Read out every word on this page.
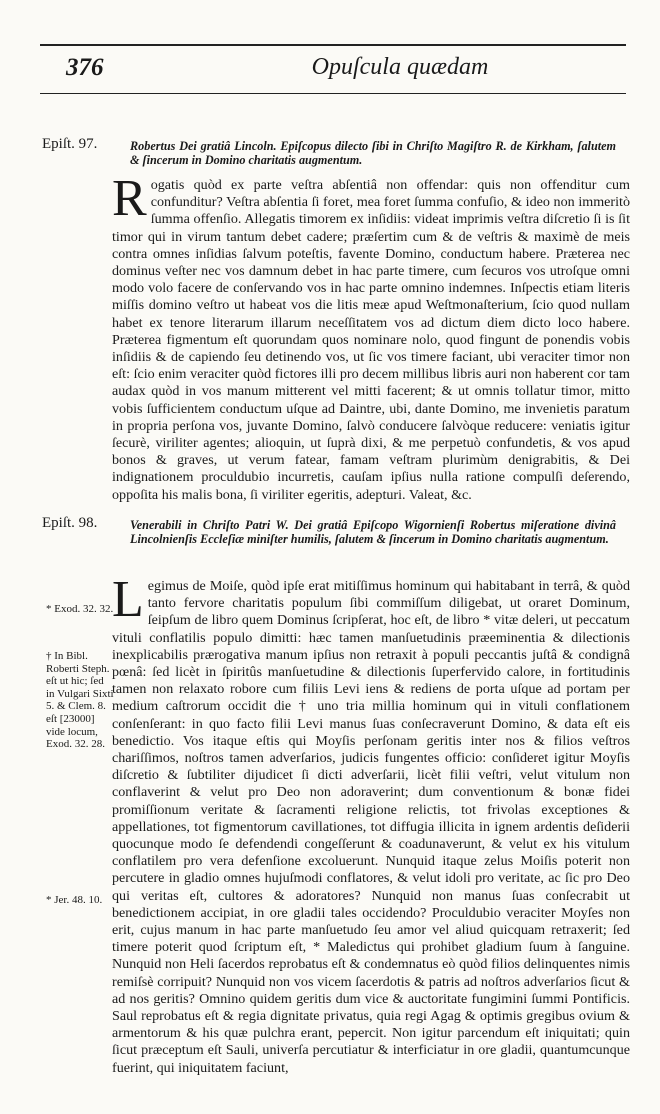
376	Opuſcula quædam
Epiſt. 97.	Robertus Dei gratiâ Lincoln. Epiſcopus dilecto ſibi in Chriſto Magiſtro R. de Kirkham, ſalutem & ſincerum in Domino charitatis augmentum.
Rogatis quòd ex parte veſtra abſentiâ non offendar: quis non offenditur cum confunditur? Veſtra abſentia ſi foret, mea foret ſumma confuſio, & ideo non immeritò ſumma offenſio. Allegatis timorem ex inſidiis: videat imprimis veſtra diſcretio ſi is ſit timor qui in virum tantum debet cadere; præſertim cum & de veſtris & maximè de meis contra omnes inſidias ſalvum poteſtis, favente Domino, conductum habere. Præterea nec dominus veſter nec vos damnum debet in hac parte timere, cum ſecuros vos utroſque omni modo volo facere de conſervando vos in hac parte omnino indemnes. Inſpectis etiam literis miſſis domino veſtro ut habeat vos die litis meæ apud Weſtmonaſterium, ſcio quod nullam habet ex tenore literarum illarum neceſſitatem vos ad dictum diem dicto loco habere. Præterea figmentum eſt quorundam quos nominare nolo, quod fingunt de ponendis vobis inſidiis & de capiendo ſeu detinendo vos, ut ſic vos timere faciant, ubi veraciter timor non eſt: ſcio enim veraciter quòd fictores illi pro decem millibus libris auri non haberent cor tam audax quòd in vos manum mitterent vel mitti facerent; & ut omnis tollatur timor, mitto vobis ſufficientem conductum uſque ad Daintre, ubi, dante Domino, me invenietis paratum in propria perſona vos, juvante Domino, ſalvò conducere ſalvòque reducere: veniatis igitur ſecurè, viriliter agentes; alioquin, ut ſuprà dixi, & me perpetuò confundetis, & vos apud bonos & graves, ut verum fatear, famam veſtram plurimùm denigrabitis, & Dei indignationem proculdubio incurretis, cauſam ipſius nulla ratione compulſi deſerendo, oppoſita his malis bona, ſi viriliter egeritis, adepturi. Valeat, &c.
Epiſt. 98.	Venerabili in Chriſto Patri W. Dei gratiâ Epiſcopo Wigornienſi Robertus miſeratione divinâ Lincolnienſis Eccleſiæ miniſter humilis, ſalutem & ſincerum in Domino charitatis augmentum.
Legimus de Moiſe, quòd ipſe erat mitiſſimus hominum qui habitabant in terrâ, & quòd tanto fervore charitatis populum ſibi commiſſum diligebat, ut oraret Dominum, ſeipſum de libro quem Dominus ſcripſerat, hoc eſt, de libro * vitæ deleri, ut peccatum vituli conflatilis populo dimitti: hæc tamen manſuetudinis præeminentia & dilectionis inexplicabilis prærogativa manum ipſius non retraxit à populi peccantis juſtâ & condignâ pœnâ: ſed licèt in ſpiritûs manſuetudine & dilectionis ſuperfervido calore, in fortitudinis tamen non relaxato robore cum filiis Levi iens & rediens de porta uſque ad portam per medium caſtrorum occidit die † uno tria millia hominum qui in vituli conflationem conſenſerant: in quo facto filii Levi manus ſuas conſecraverunt Domino, & data eſt eis benedictio. Vos itaque eſtis qui Moyſis perſonam geritis inter nos & filios veſtros chariſſimos, noſtros tamen adverſarios, judicis fungentes officio: conſideret igitur Moyſis diſcretio & ſubtiliter dijudicet ſi dicti adverſarii, licèt filii veſtri, velut vitulum non conflaverint & velut pro Deo non adoraverint; dum conventionum & bonæ fidei promiſſionum veritate & ſacramenti religione relictis, tot frivolas exceptiones & appellationes, tot figmentorum cavillationes, tot diffugia illicita in ignem ardentis deſiderii quocunque modo ſe defendendi congeſſerunt & coadunaverunt, & velut ex his vitulum conflatilem pro vera defenſione excoluerunt. Nunquid itaque zelus Moiſis poterit non percutere in gladio omnes hujuſmodi conflatores, & velut idoli pro veritate, ac ſic pro Deo qui veritas eſt, cultores & adoratores? Nunquid non manus ſuas conſecrabit ut benedictionem accipiat, in ore gladii tales occidendo? Proculdubio veraciter Moyſes non erit, cujus manum in hac parte manſuetudo ſeu amor vel aliud quicquam retraxerit; ſed timere poterit quod ſcriptum eſt, * Maledictus qui prohibet gladium ſuum à ſanguine. Nunquid non Heli ſacerdos reprobatus eſt & condemnatus eò quòd filios delinquentes nimis remiſsè corripuit? Nunquid non vos vicem ſacerdotis & patris ad noſtros adverſarios ſicut & ad nos geritis? Omnino quidem geritis dum vice & auctoritate fungimini ſummi Pontificis. Saul reprobatus eſt & regia dignitate privatus, quia regi Agag & optimis gregibus ovium & armentorum & his quæ pulchra erant, pepercit. Non igitur parcendum eſt iniquitati; quin ſicut præceptum eſt Sauli, univerſa percutiatur & interficiatur in ore gladii, quantumcunque fuerint, qui iniquitatem faciunt,
* Exod. 32. 32.
† In Bibl. Roberti Steph. eſt ut hic; ſed in Vulgari Sixti 5. & Clem. 8. eſt [23000] vide locum, Exod. 32. 28.
* Jer. 48. 10.
